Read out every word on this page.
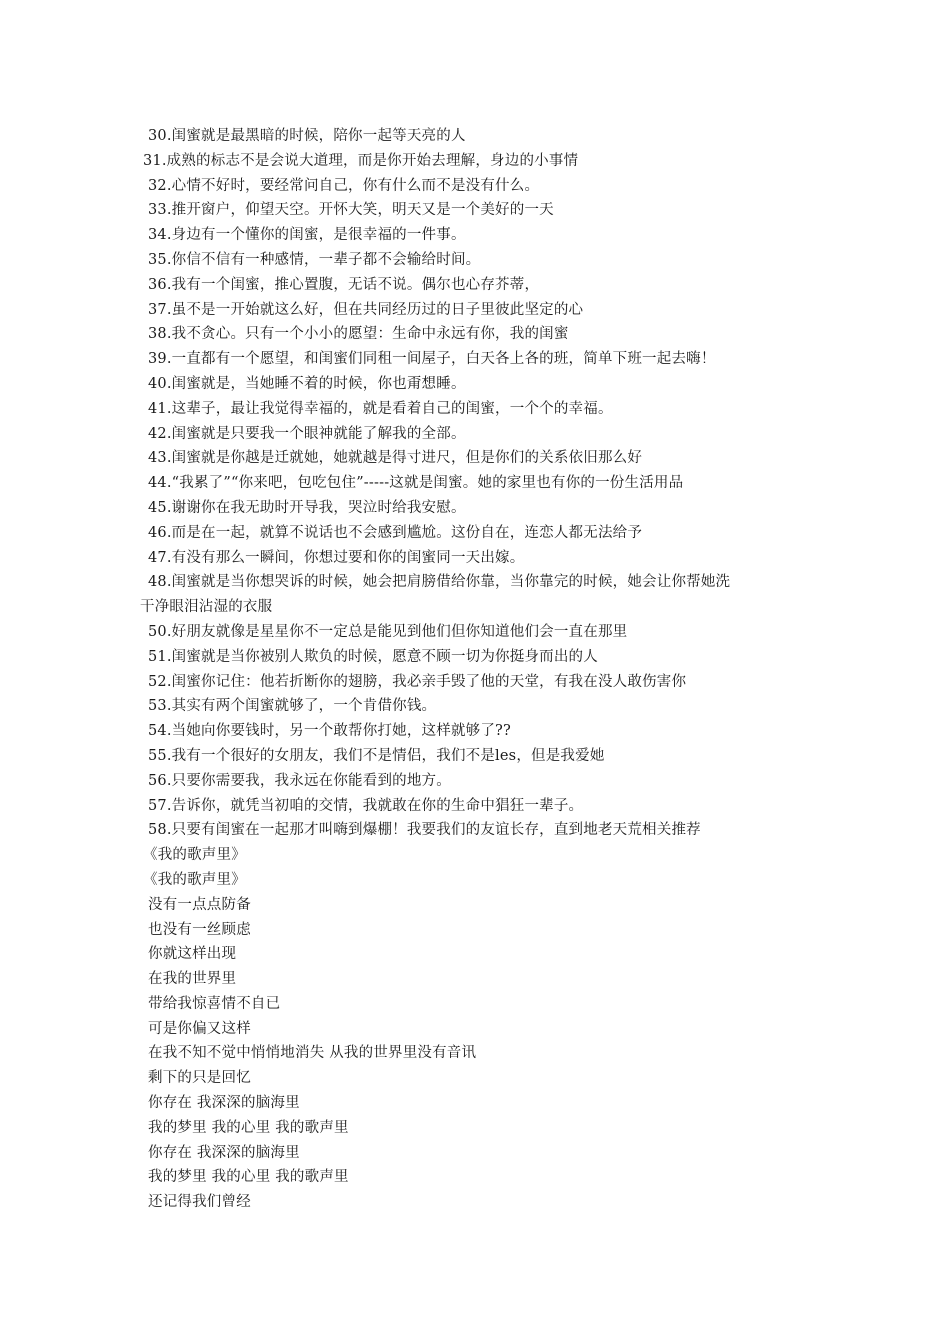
30.闺蜜就是最黑暗的时候，陪你一起等天亮的人
31.成熟的标志不是会说大道理，而是你开始去理解，身边的小事情
32.心情不好时，要经常问自己，你有什么而不是没有什么。
33.推开窗户，仰望天空。开怀大笑，明天又是一个美好的一天
34.身边有一个懂你的闺蜜，是很幸福的一件事。
35.你信不信有一种感情，一辈子都不会输给时间。
36.我有一个闺蜜，推心置腹，无话不说。偶尔也心存芥蒂，
37.虽不是一开始就这么好，但在共同经历过的日子里彼此坚定的心
38.我不贪心。只有一个小小的愿望：生命中永远有你，我的闺蜜
39.一直都有一个愿望，和闺蜜们同租一间屋子，白天各上各的班，简单下班一起去嗨！
40.闺蜜就是，当她睡不着的时候，你也甭想睡。
41.这辈子，最让我觉得幸福的，就是看着自己的闺蜜，一个个的幸福。
42.闺蜜就是只要我一个眼神就能了解我的全部。
43.闺蜜就是你越是迁就她，她就越是得寸进尺，但是你们的关系依旧那么好
44.“我累了”“你来吧，包吃包住”-----这就是闺蜜。她的家里也有你的一份生活用品
45.谢谢你在我无助时开导我，哭泣时给我安慰。
46.而是在一起，就算不说话也不会感到尴尬。这份自在，连恋人都无法给予
47.有没有那么一瞬间，你想过要和你的闺蜜同一天出嫁。
48.闺蜜就是当你想哭诉的时候，她会把肩膀借给你靠，当你靠完的时候，她会让你帮她洗
干净眼泪沾湿的衣服
50.好朋友就像是星星你不一定总是能见到他们但你知道他们会一直在那里
51.闺蜜就是当你被别人欺负的时候，愿意不顾一切为你挺身而出的人
52.闺蜜你记住：他若折断你的翅膀，我必亲手毁了他的天堂，有我在没人敢伤害你
53.其实有两个闺蜜就够了，一个肯借你钱。
54.当她向你要钱时，另一个敢帮你打她，这样就够了??
55.我有一个很好的女朋友，我们不是情侣，我们不是les，但是我爱她
56.只要你需要我，我永远在你能看到的地方。
57.告诉你，就凭当初咱的交情，我就敢在你的生命中猖狂一辈子。
58.只要有闺蜜在一起那才叫嗨到爆棚！我要我们的友谊长存，直到地老天荒相关推荐
《我的歌声里》
《我的歌声里》
没有一点点防备
也没有一丝顾虑
你就这样出现
在我的世界里
带给我惊喜情不自已
可是你偏又这样
在我不知不觉中悄悄地消失 从我的世界里没有音讯
剩下的只是回忆
你存在 我深深的脑海里
我的梦里 我的心里 我的歌声里
你存在 我深深的脑海里
我的梦里 我的心里 我的歌声里
还记得我们曾经
